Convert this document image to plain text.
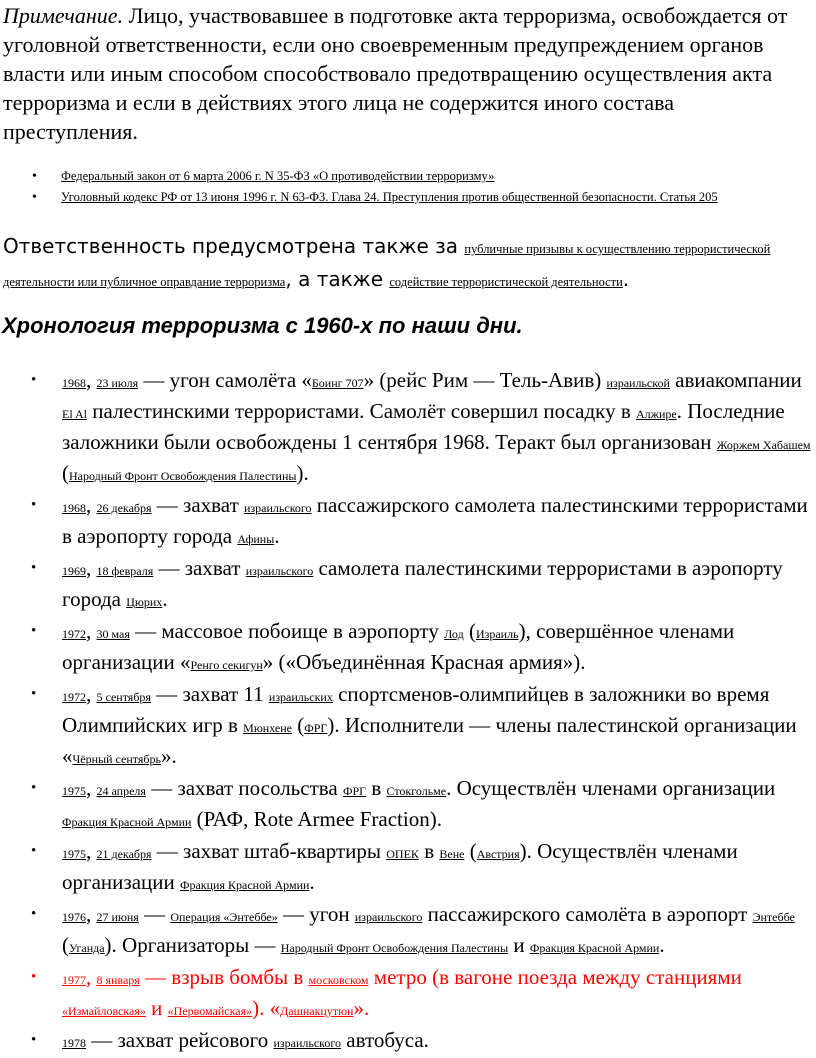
Примечание. Лицо, участвовавшее в подготовке акта терроризма, освобождается от уголовной ответственности, если оно своевременным предупреждением органов власти или иным способом способствовало предотвращению осуществления акта терроризма и если в действиях этого лица не содержится иного состава преступления.

• Федеральный закон от 6 марта 2006 г. N 35-ФЗ «О противодействии терроризму»
• Уголовный кодекс РФ от 13 июня 1996 г. N 63-ФЗ. Глава 24. Преступления против общественной безопасности. Статья 205

Ответственность предусмотрена также за публичные призывы к осуществлению террористической деятельности или публичное оправдание терроризма, а также содействие террористической деятельности.

Хронология терроризма с 1960-х по наши дни.
• 1968, 23 июля — угон самолёта «Боинг 707» (рейс Рим — Тель-Авив) израильской авиакомпании El Al палестинскими террористами. Самолёт совершил посадку в Алжире. Последние заложники были освобождены 1 сентября 1968. Теракт был организован Жоржем Хабашем (Народный Фронт Освобождения Палестины).
• 1968, 26 декабря — захват израильского пассажирского самолета палестинскими террористами в аэропорту города Афины.
• 1969, 18 февраля — захват израильского самолета палестинскими террористами в аэропорту города Цюрих.
• 1972, 30 мая — массовое побоище в аэропорту Лод (Израиль), совершённое членами организации «Ренго секигун» («Объединённая Красная армия»).
• 1972, 5 сентября — захват 11 израильских спортсменов-олимпийцев в заложники во время Олимпийских игр в Мюнхене (ФРГ). Исполнители — члены палестинской организации «Чёрный сентябрь».
• 1975, 24 апреля — захват посольства ФРГ в Стокгольме. Осуществлён членами организации Фракция Красной Армии (РАФ, Rote Armee Fraction).
• 1975, 21 декабря — захват штаб-квартиры ОПЕК в Вене (Австрия). Осуществлён членами организации Фракция Красной Армии.
• 1976, 27 июня — Операция «Энтеббе» — угон израильского пассажирского самолёта в аэропорт Энтеббе (Уганда). Организаторы — Народный Фронт Освобождения Палестины и Фракция Красной Армии.
• 1977, 8 января — взрыв бомбы в московском метро (в вагоне поезда между станциями «Измайловская» и «Первомайская»). «Дашнакцутюн».
• 1978 — захват рейсового израильского автобуса.
